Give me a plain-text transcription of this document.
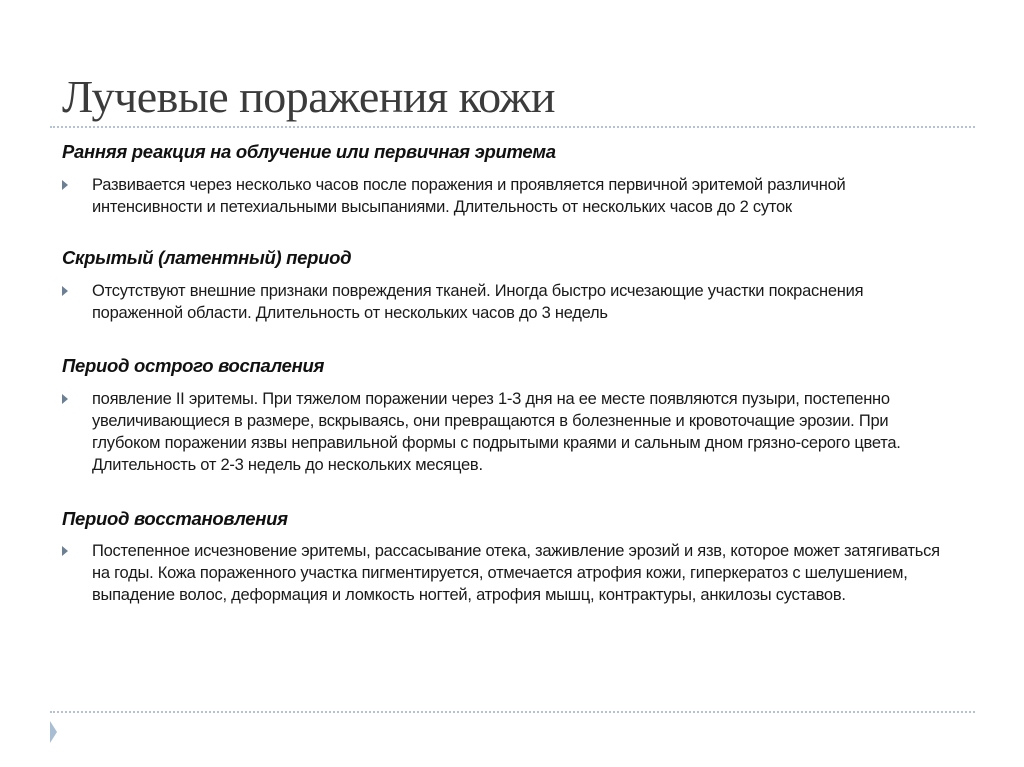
Лучевые поражения кожи
Ранняя реакция на облучение или первичная эритема
Развивается через несколько часов после поражения и проявляется первичной эритемой различной интенсивности и петехиальными высыпаниями. Длительность от нескольких часов до 2 суток
Скрытый (латентный) период
Отсутствуют внешние признаки повреждения тканей. Иногда быстро исчезающие участки покраснения пораженной области. Длительность от нескольких часов до 3 недель
Период острого воспаления
появление II эритемы. При тяжелом поражении через 1-3 дня на ее месте появляются пузыри, постепенно увеличивающиеся в размере, вскрываясь, они превращаются в болезненные и кровоточащие эрозии. При глубоком поражении язвы неправильной формы с подрытыми краями и сальным дном грязно-серого цвета. Длительность от 2-3 недель до нескольких месяцев.
Период восстановления
Постепенное исчезновение эритемы, рассасывание отека, заживление эрозий и язв, которое может затягиваться на годы. Кожа пораженного участка пигментируется, отмечается атрофия кожи, гиперкератоз с шелушением, выпадение волос, деформация и ломкость ногтей, атрофия мышц, контрактуры, анкилозы суставов.
